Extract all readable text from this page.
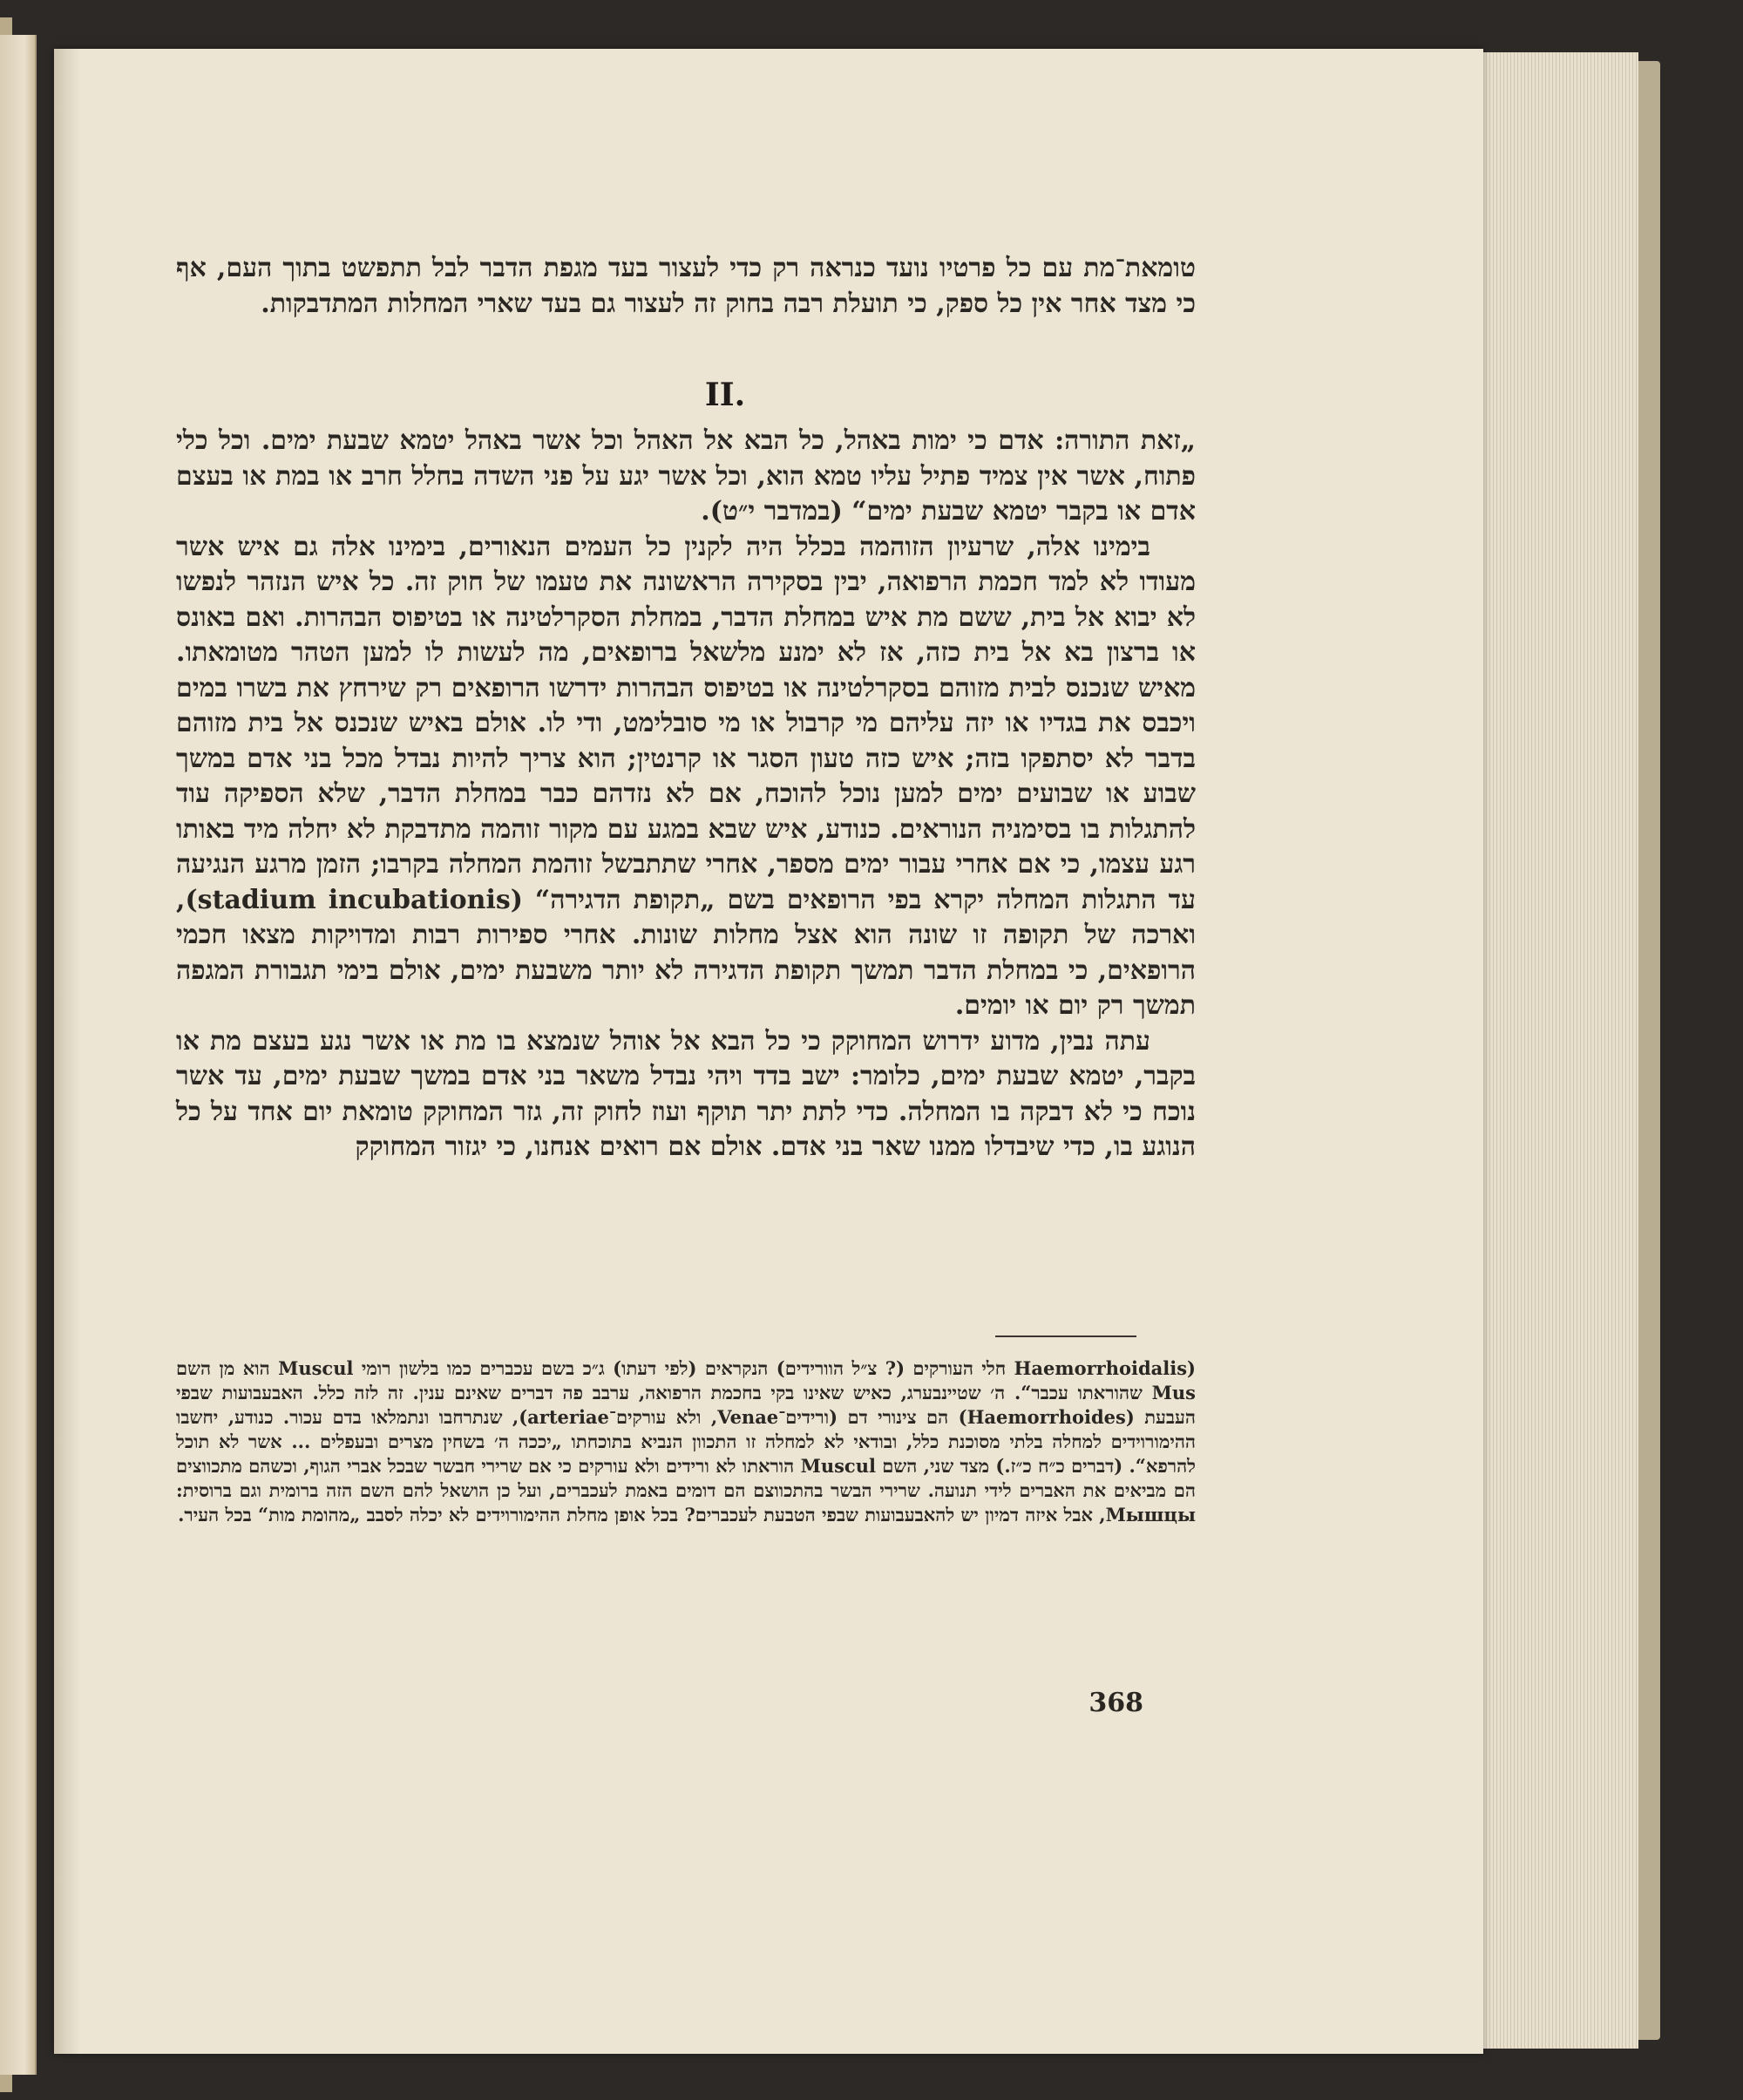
טומאת־מת עם כל פרטיו נועד כנראה רק כדי לעצור בעד מגפת הדבר לבל תתפשט בתוך העם, אף כי מצד אחר אין כל ספק, כי תועלת רבה בחוק זה לעצור גם בעד שארי המחלות המתדבקות.

II.

„זאת התורה: אדם כי ימות באהל, כל הבא אל האהל וכל אשר באהל יטמא שבעת ימים. וכל כלי פתוח, אשר אין צמיד פתיל עליו טמא הוא, וכל אשר יגע על פני השדה בחלל חרב או במת או בעצם אדם או בקבר יטמא שבעת ימים“ (במדבר י״ט).

בימינו אלה, שרעיון הזוהמה בכלל היה לקנין כל העמים הנאורים, בימינו אלה גם איש אשר מעודו לא למד חכמת הרפואה, יבין בסקירה הראשונה את טעמו של חוק זה. כל איש הנזהר לנפשו לא יבוא אל בית, ששם מת איש במחלת הדבר, במחלת הסקרלטינה או בטיפוס הבהרות. ואם באונס או ברצון בא אל בית כזה, אז לא ימנע מלשאל ברופאים, מה לעשות לו למען הטהר מטומאתו. מאיש שנכנס לבית מזוהם בסקרלטינה או בטיפוס הבהרות ידרשו הרופאים רק שירחץ את בשרו במים ויכבס את בגדיו או יזה עליהם מי קרבול או מי סובלימט, ודי לו. אולם באיש שנכנס אל בית מזוהם בדבר לא יסתפקו בזה; איש כזה טעון הסגר או קרנטין; הוא צריך להיות נבדל מכל בני אדם במשך שבוע או שבועים ימים למען נוכל להוכח, אם לא נזדהם כבר במחלת הדבר, שלא הספיקה עוד להתגלות בו בסימניה הנוראים. כנודע, איש שבא במגע עם מקור זוהמה מתדבקת לא יחלה מיד באותו רגע עצמו, כי אם אחרי עבור ימים מספר, אחרי שתתבשל זוהמת המחלה בקרבו; הזמן מרגע הנגיעה עד התגלות המחלה יקרא בפי הרופאים בשם „תקופת הדגירה“ (stadium incubationis), וארכה של תקופה זו שונה הוא אצל מחלות שונות. אחרי ספירות רבות ומדויקות מצאו חכמי הרופאים, כי במחלת הדבר תמשך תקופת הדגירה לא יותר משבעת ימים, אולם בימי תגבורת המגפה תמשך רק יום או יומים.

עתה נבין, מדוע ידרוש המחוקק כי כל הבא אל אוהל שנמצא בו מת או אשר נגע בעצם מת או בקבר, יטמא שבעת ימים, כלומר: ישב בדד ויהי נבדל משאר בני אדם במשך שבעת ימים, עד אשר נוכח כי לא דבקה בו המחלה. כדי לתת יתר תוקף ועוז לחוק זה, גזר המחוקק טומאת יום אחד על כל הנוגע בו, כדי שיבדלו ממנו שאר בני אדם. אולם אם רואים אנחנו, כי יגזור המחוקק

(Haemorrhoidalis חלי העורקים (? צ״ל הוורידים) הנקראים (לפי דעתו) ג״כ בשם עכברים כמו בלשון רומי Muscul הוא מן השם Mus שהוראתו עכבר“. ה׳ שטיינבערג, כאיש שאינו בקי בחכמת הרפואה, ערבב פה דברים שאינם ענין. זה לזה כלל. האבעבועות שבפי העבעת (Haemorrhoides) הם צינורי דם (ורידים־Venae, ולא עורקים־arteriae), שנתרחבו ונתמלאו בדם עכור. כנודע, יחשבו ההימורוידים למחלה בלתי מסוכנת כלל, ובודאי לא למחלה זו התכוון הנביא בתוכחתו „יככה ה׳ בשחין מצרים ובעפלים ... אשר לא תוכל להרפא“. (דברים כ״ח כ״ז.) מצד שני, השם Muscul הוראתו לא ורידים ולא עורקים כי אם שרירי חבשר שבכל אברי הגוף, וכשהם מתכווצים הם מביאים את האברים לידי תנועה. שרירי הבשר בהתכווצם הם דומים באמת לעכברים, ועל כן הושאל להם השם הזה ברומית וגם ברוסית: Мышцы, אבל איזה דמיון יש להאבעבועות שבפי הטבעת לעכברים? בכל אופן מחלת ההימורוידים לא יכלה לסבב „מהומת מות“ בכל העיר.

368
